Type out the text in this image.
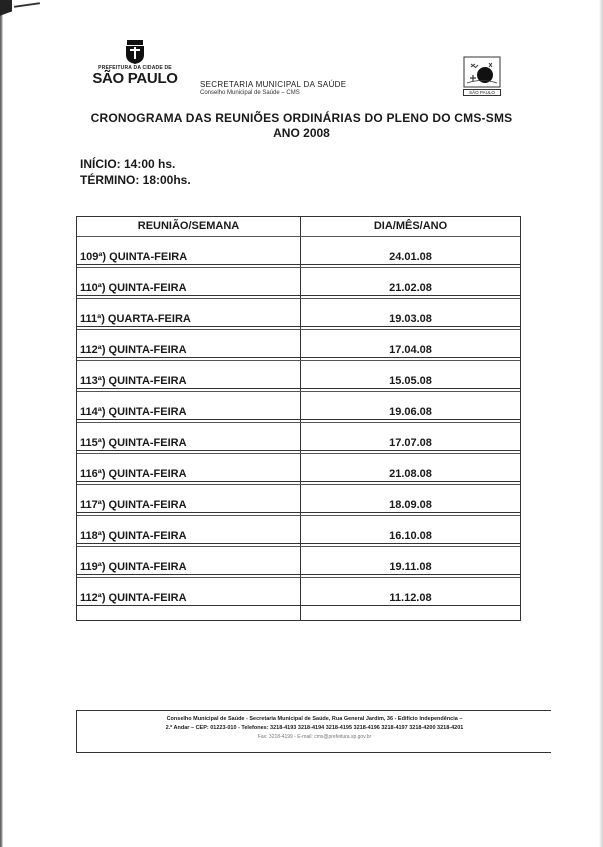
PREFEITURA DA CIDADE DE
SÃO PAULO	SECRETARIA MUNICIPAL DA SAÚDE
Conselho Municipal de Saúde – CMS	SÃO PAULO
CRONOGRAMA DAS REUNIÕES ORDINÁRIAS DO PLENO DO CMS-SMS
ANO 2008
INÍCIO: 14:00 hs.
TÉRMINO: 18:00hs.
REUNIÃO/SEMANA	DIA/MÊS/ANO
109ª) QUINTA-FEIRA	24.01.08
110ª) QUINTA-FEIRA	21.02.08
111ª) QUARTA-FEIRA	19.03.08
112ª) QUINTA-FEIRA	17.04.08
113ª) QUINTA-FEIRA	15.05.08
114ª) QUINTA-FEIRA	19.06.08
115ª) QUINTA-FEIRA	17.07.08
116ª) QUINTA-FEIRA	21.08.08
117ª) QUINTA-FEIRA	18.09.08
118ª) QUINTA-FEIRA	16.10.08
119ª) QUINTA-FEIRA	19.11.08
112ª) QUINTA-FEIRA	11.12.08
Conselho Municipal de Saúde - Secretaria Municipal de Saúde, Rua General Jardim, 36 - Edifício Independência –
2.º Andar – CEP: 01223-010 - Telefones: 3218-4193 3218-4194 3218-4195 3218-4196 3218-4197 3218-4200 3218-4201
Fax: 3218-4199 - E-mail: cms@prefeitura.sp.gov.br
